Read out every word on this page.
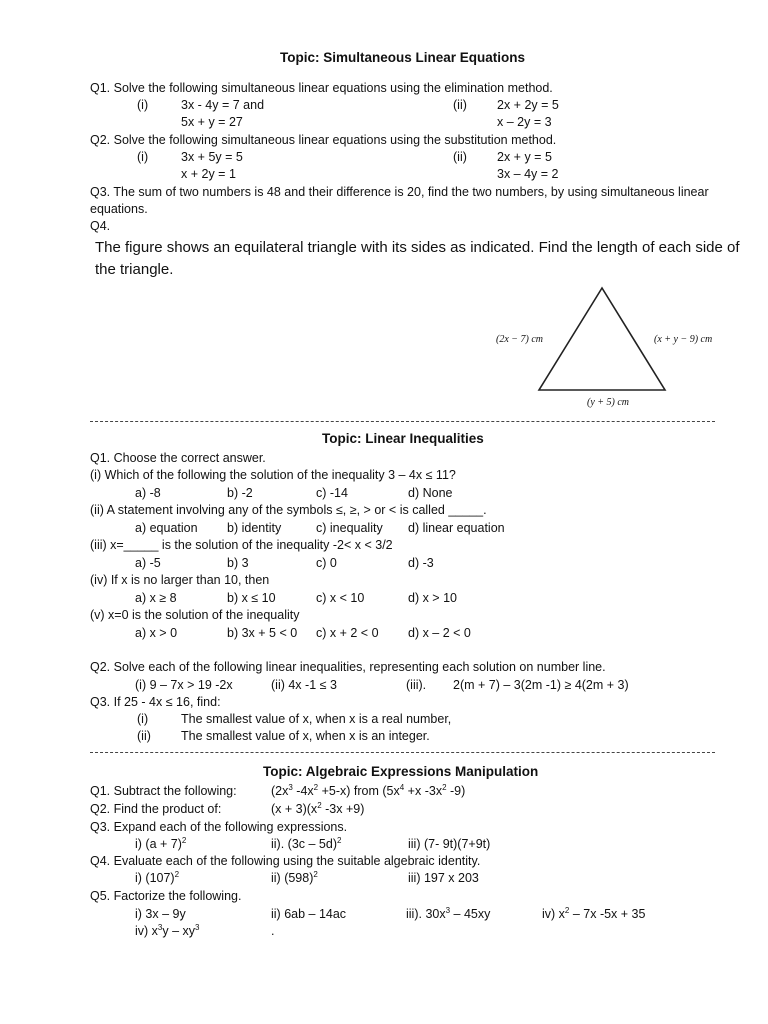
Topic: Simultaneous Linear Equations
Q1. Solve the following simultaneous linear equations using the elimination method.
(i)	3x - 4y = 7 and
5x + y = 27
(ii) 2x + 2y = 5
x – 2y = 3
Q2. Solve the following simultaneous linear equations using the substitution method.
(i)	3x + 5y = 5
x + 2y = 1
(ii) 2x + y = 5
3x – 4y = 2
Q3. The sum of two numbers is 48 and their difference is 20, find the two numbers, by using simultaneous linear
equations.
Q4.
The figure shows an equilateral triangle with its sides as indicated. Find the length of each side of
the triangle.
(2x − 7) cm	(x + y − 9) cm
(y + 5) cm
Topic: Linear Inequalities
Q1. Choose the correct answer.
(i) Which of the following the solution of the inequality 3 – 4x ≤ 11?
a) -8	b) -2	c) -14	d) None
(ii) A statement involving any of the symbols ≤, ≥, > or < is called _____.
a) equation b) identity	c) inequality d) linear equation
(iii) x=_____ is the solution of the inequality -2< x < 3/2
a) -5	b) 3	c) 0	d) -3
(iv) If x is no larger than 10, then
a) x ≥ 8	b) x ≤ 10	c) x < 10	d) x > 10
(v) x=0 is the solution of the inequality
a) x > 0	b) 3x + 5 < 0 c) x + 2 < 0 d) x – 2 < 0
Q2. Solve each of the following linear inequalities, representing each solution on number line.
(i) 9 – 7x > 19 -2x	(ii) 4x -1 ≤ 3	(iii). 2(m + 7) – 3(2m -1) ≥ 4(2m + 3)
Q3. If 25 - 4x ≤ 16, find:
(i)	The smallest value of x, when x is a real number,
(ii) The smallest value of x, when x is an integer.
Topic: Algebraic Expressions Manipulation
Q1. Subtract the following:	($2x^3$ $-4x^2 +5-x$) from ($5x^4 +x$ $-3x^2$ -9)
Q2. Find the product of:	$(x + 3)(x^2$ -3x +9)
Q3. Expand each of the following expressions.
i) $(a + 7)^2$	ii). (3c – 5d)$^2$	iii) (7- 9t)(7+9t)
Q4. Evaluate each of the following using the suitable algebraic identity.
i) $(107)^2$	ii) $(598)^2$	iii) 197 x 203
Q5. Factorize the following.
i) 3x – 9y	ii) 6ab – 14ac	iii). $30x^3 - 45xy$	iv) $x^2 - 7x$ -5x + 35
iv) $x^3y - xy^3$	.
